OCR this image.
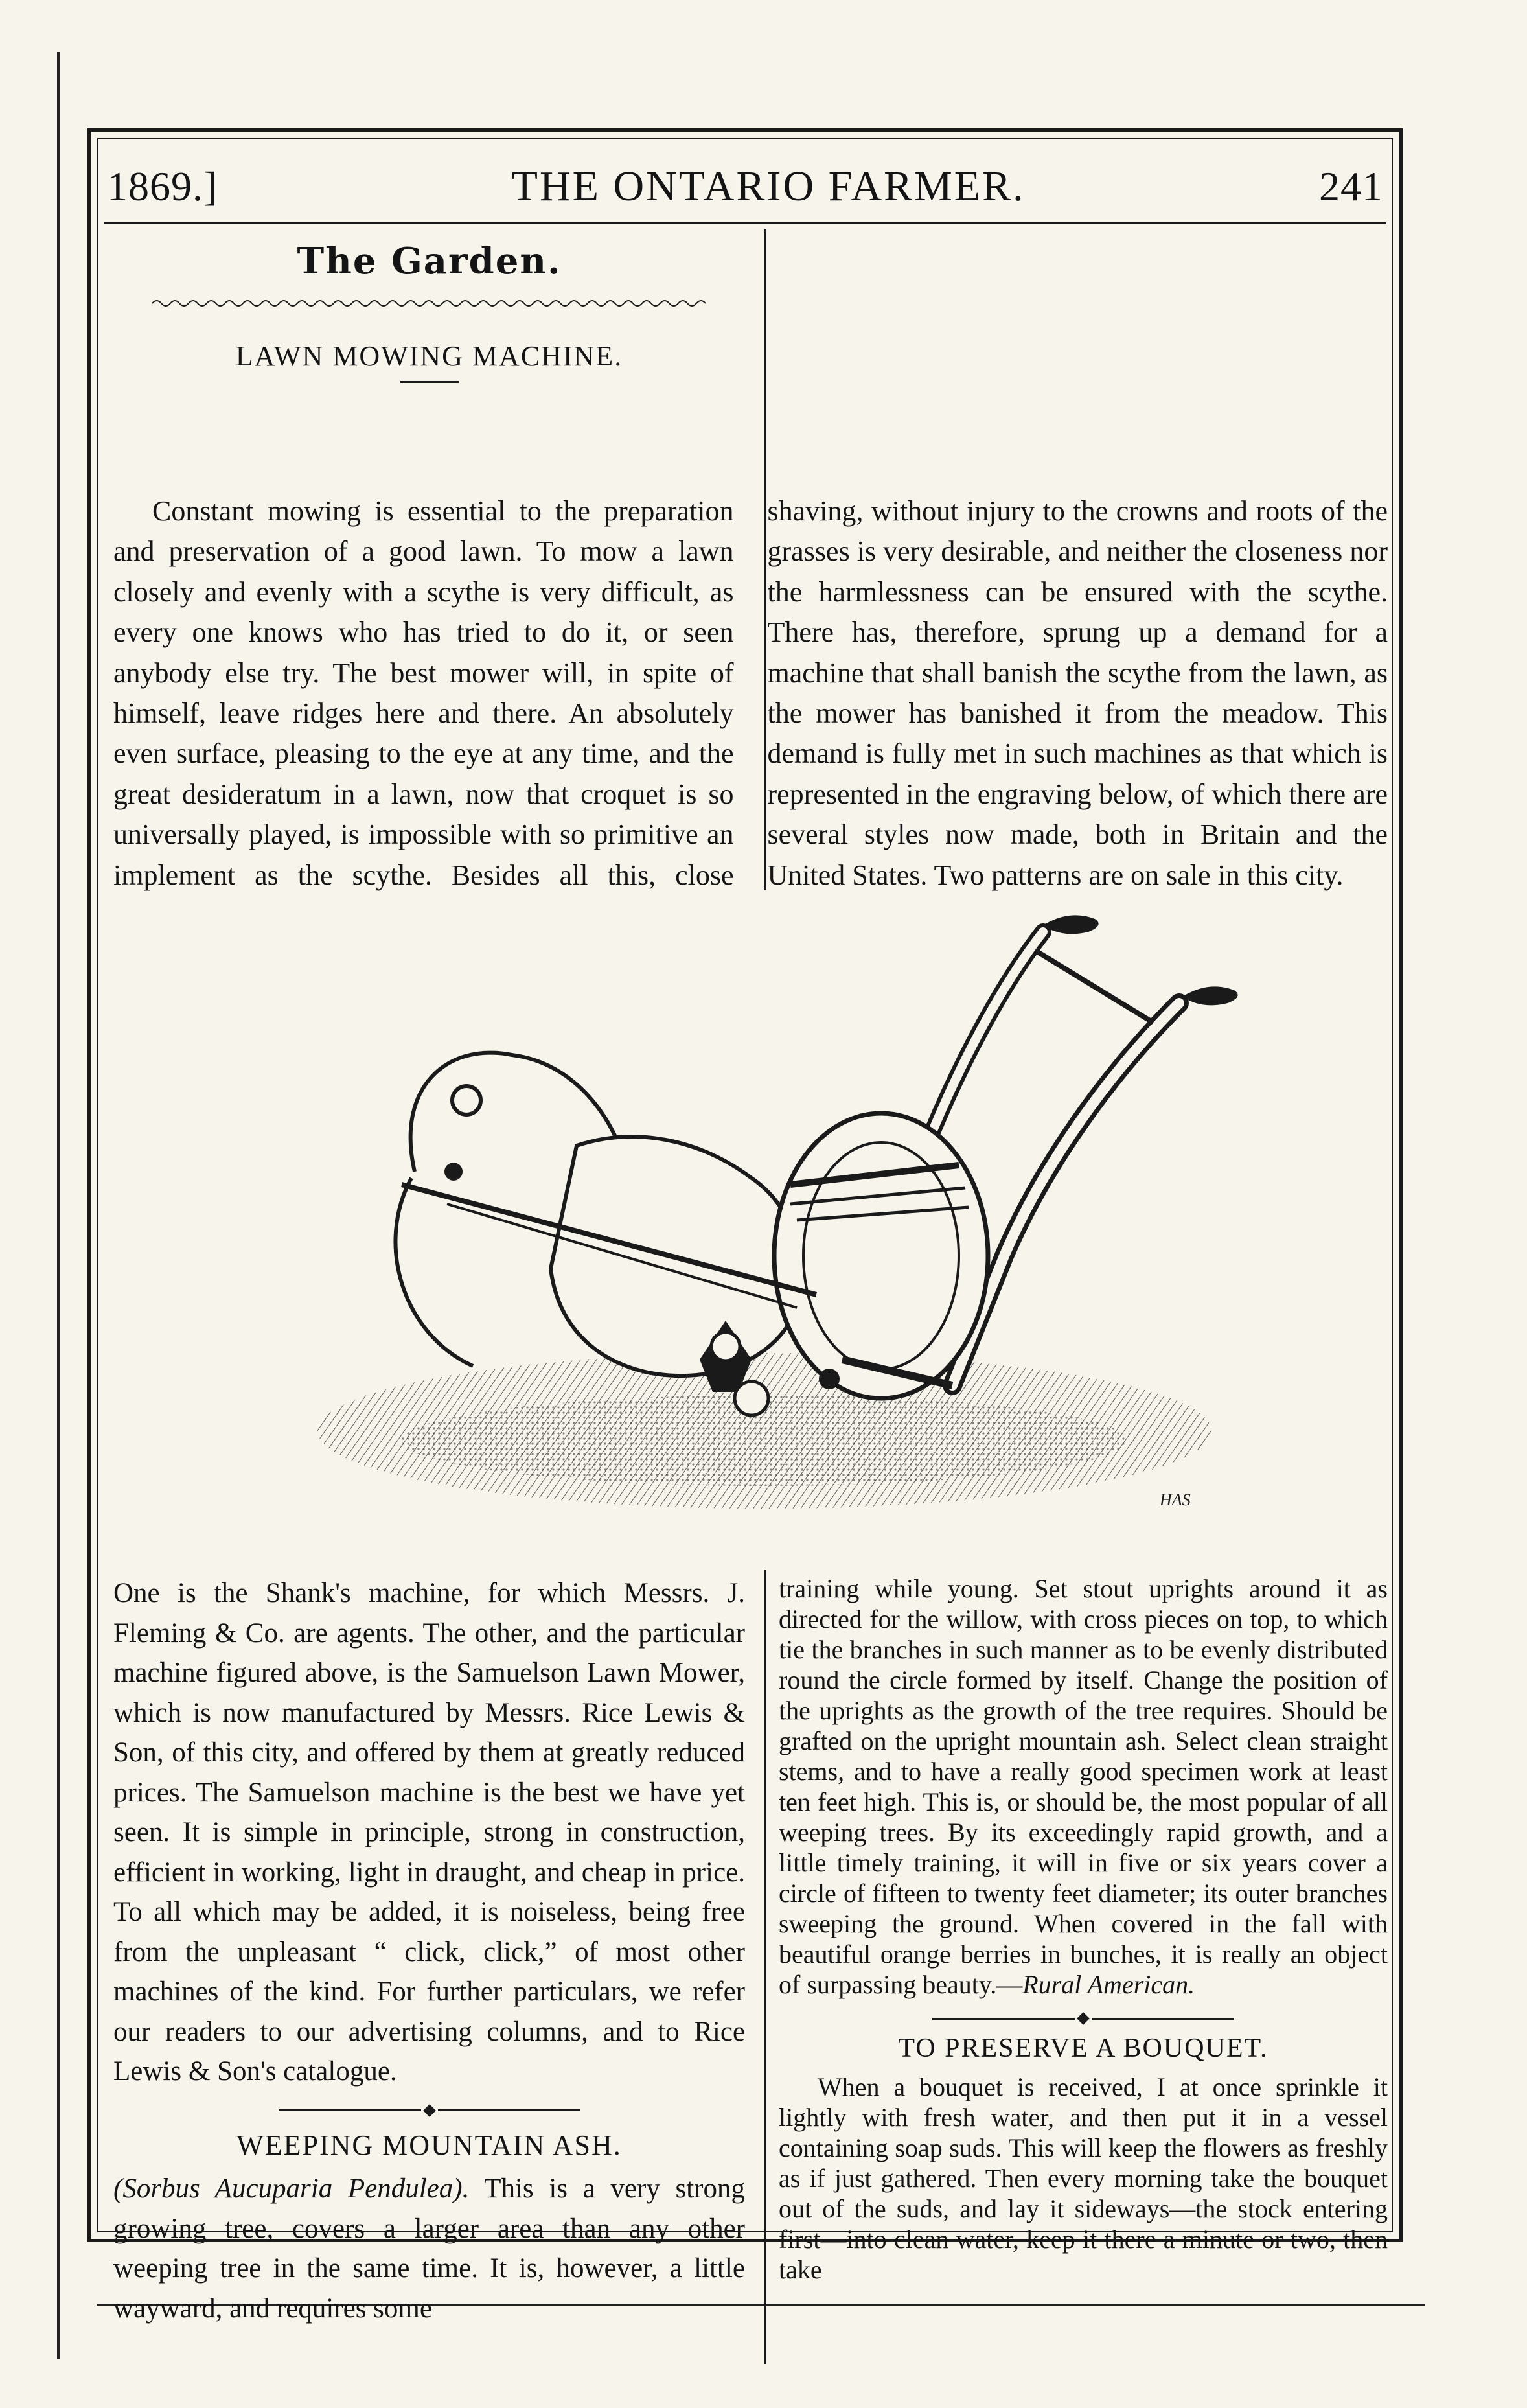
1869.]	THE ONTARIO FARMER.	241
The Garden.
LAWN MOWING MACHINE.

Constant mowing is essential to the preparation and preservation of a good lawn. To mow a lawn closely and evenly with a scythe is very difficult, as every one knows who has tried to do it, or seen anybody else try. The best mower will, in spite of himself, leave ridges here and there. An absolutely even surface, pleasing to the eye at any time, and the great desideratum in a lawn, now that croquet is so universally played, is impossible with so primitive an implement as the scythe. Besides all this, close shaving, without injury to the crowns and roots of the grasses is very desirable, and neither the closeness nor the harmlessness can be ensured with the scythe. There has, therefore, sprung up a demand for a machine that shall banish the scythe from the lawn, as the mower has banished it from the meadow. This demand is fully met in such machines as that which is represented in the engraving below, of which there are several styles now made, both in Britain and the United States. Two patterns are on sale in this city.

HAS

One is the Shank's machine, for which Messrs. J. Fleming & Co. are agents. The other, and the particular machine figured above, is the Samuelson Lawn Mower, which is now manufactured by Messrs. Rice Lewis & Son, of this city, and offered by them at greatly reduced prices. The Samuelson machine is the best we have yet seen. It is simple in principle, strong in construction, efficient in working, light in draught, and cheap in price. To all which may be added, it is noiseless, being free from the unpleasant “ click, click,” of most other machines of the kind. For further particulars, we refer our readers to our advertising columns, and to Rice Lewis & Son's catalogue.

WEEPING MOUNTAIN ASH.

(Sorbus Aucuparia Pendulea). This is a very strong growing tree, covers a larger area than any other weeping tree in the same time. It is, however, a little wayward, and requires some

training while young. Set stout uprights around it as directed for the willow, with cross pieces on top, to which tie the branches in such manner as to be evenly distributed round the circle formed by itself. Change the position of the uprights as the growth of the tree requires. Should be grafted on the upright mountain ash. Select clean straight stems, and to have a really good specimen work at least ten feet high. This is, or should be, the most popular of all weeping trees. By its exceedingly rapid growth, and a little timely training, it will in five or six years cover a circle of fifteen to twenty feet diameter; its outer branches sweeping the ground. When covered in the fall with beautiful orange berries in bunches, it is really an object of surpassing beauty.—Rural American.

TO PRESERVE A BOUQUET.

When a bouquet is received, I at once sprinkle it lightly with fresh water, and then put it in a vessel containing soap suds. This will keep the flowers as freshly as if just gathered. Then every morning take the bouquet out of the suds, and lay it sideways—the stock entering first—into clean water, keep it there a minute or two, then take
